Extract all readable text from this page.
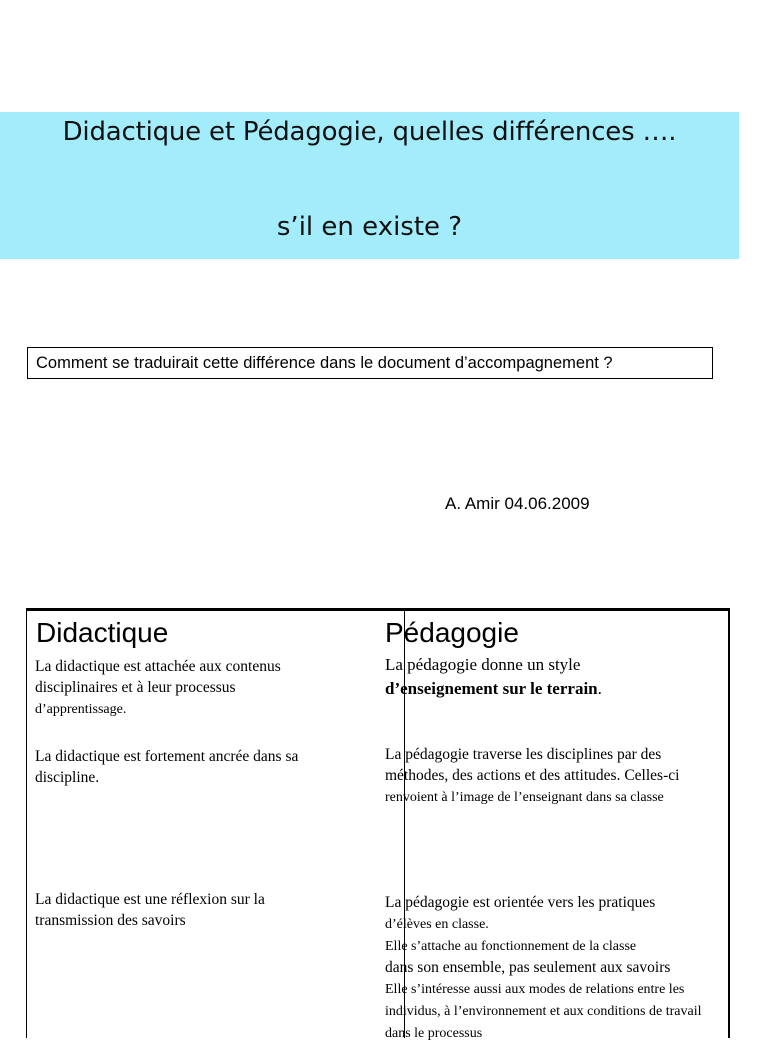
Didactique et Pédagogie, quelles différences ….
s’il en existe ?
Comment se traduirait cette différence dans le document d’accompagnement ?
A. Amir 04.06.2009
Didactique	Pédagogie
La didactique est attachée aux contenus disciplinaires et à leur processus
d’apprentissage.
La didactique est fortement ancrée dans sa discipline.
La didactique est une réflexion sur la transmission des savoirs
La pédagogie donne un style
d’enseignement sur le terrain.
La pédagogie traverse les disciplines par des méthodes, des actions et des attitudes. Celles-ci
renvoient à l’image de l’enseignant dans sa classe
La pédagogie est orientée vers les pratiques
d’élèves en classe.
Elle s’attache au fonctionnement de la classe
dans son ensemble, pas seulement aux savoirs
Elle s’intéresse aussi aux modes de relations entre les individus, à l’environnement et aux conditions de travail dans le processus
